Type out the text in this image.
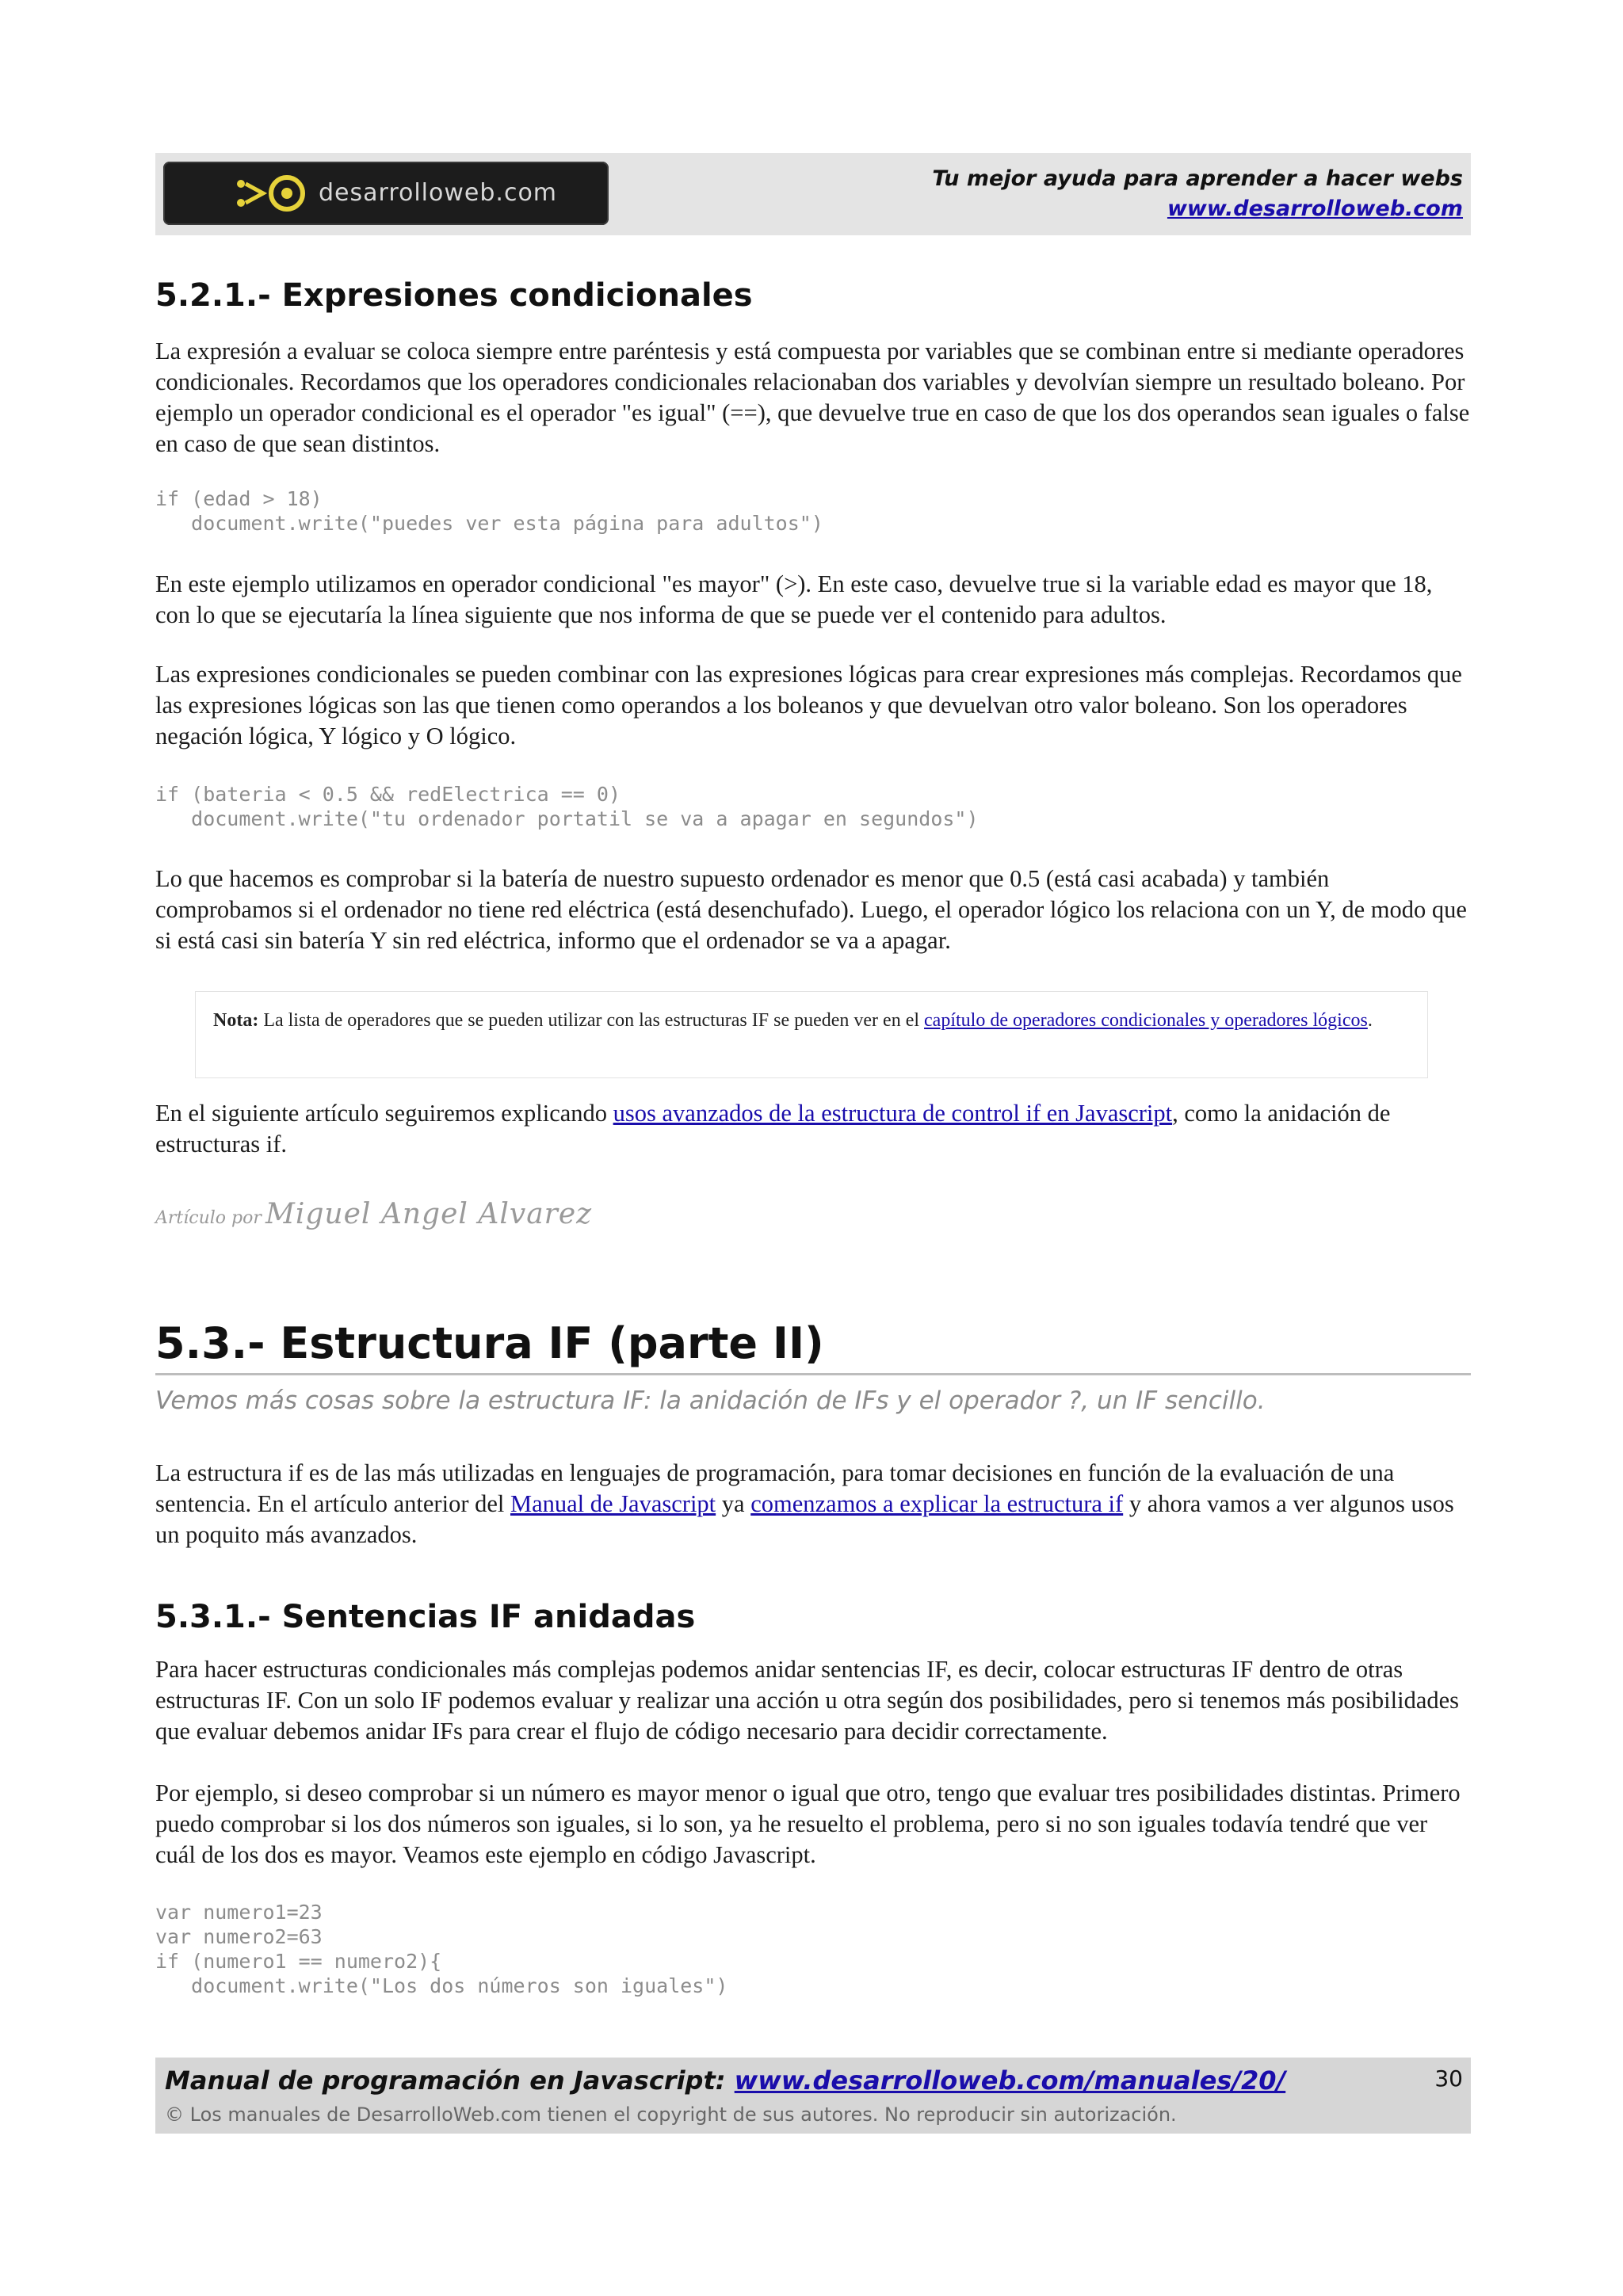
desarrolloweb.com
Tu mejor ayuda para aprender a hacer webs
www.desarrolloweb.com
5.2.1.- Expresiones condicionales

La expresión a evaluar se coloca siempre entre paréntesis y está compuesta por variables que se combinan entre si mediante operadores condicionales. Recordamos que los operadores condicionales relacionaban dos variables y devolvían siempre un resultado boleano. Por ejemplo un operador condicional es el operador "es igual" (==), que devuelve true en caso de que los dos operandos sean iguales o false en caso de que sean distintos.

if (edad > 18)
document.write("puedes ver esta página para adultos")

En este ejemplo utilizamos en operador condicional "es mayor" (>). En este caso, devuelve true si la variable edad es mayor que 18, con lo que se ejecutaría la línea siguiente que nos informa de que se puede ver el contenido para adultos.

Las expresiones condicionales se pueden combinar con las expresiones lógicas para crear expresiones más complejas. Recordamos que las expresiones lógicas son las que tienen como operandos a los boleanos y que devuelvan otro valor boleano. Son los operadores negación lógica, Y lógico y O lógico.

if (bateria < 0.5 && redElectrica == 0)
document.write("tu ordenador portatil se va a apagar en segundos")

Lo que hacemos es comprobar si la batería de nuestro supuesto ordenador es menor que 0.5 (está casi acabada) y también comprobamos si el ordenador no tiene red eléctrica (está desenchufado). Luego, el operador lógico los relaciona con un Y, de modo que si está casi sin batería Y sin red eléctrica, informo que el ordenador se va a apagar.

Nota: La lista de operadores que se pueden utilizar con las estructuras IF se pueden ver en el capítulo de operadores condicionales y operadores lógicos.

En el siguiente artículo seguiremos explicando usos avanzados de la estructura de control if en Javascript, como la anidación de estructuras if.

Artículo por Miguel Angel Alvarez
5.3.- Estructura IF (parte II)

Vemos más cosas sobre la estructura IF: la anidación de IFs y el operador ?, un IF sencillo.

La estructura if es de las más utilizadas en lenguajes de programación, para tomar decisiones en función de la evaluación de una sentencia. En el artículo anterior del Manual de Javascript ya comenzamos a explicar la estructura if y ahora vamos a ver algunos usos un poquito más avanzados.

5.3.1.- Sentencias IF anidadas

Para hacer estructuras condicionales más complejas podemos anidar sentencias IF, es decir, colocar estructuras IF dentro de otras estructuras IF. Con un solo IF podemos evaluar y realizar una acción u otra según dos posibilidades, pero si tenemos más posibilidades que evaluar debemos anidar IFs para crear el flujo de código necesario para decidir correctamente.

Por ejemplo, si deseo comprobar si un número es mayor menor o igual que otro, tengo que evaluar tres posibilidades distintas. Primero puedo comprobar si los dos números son iguales, si lo son, ya he resuelto el problema, pero si no son iguales todavía tendré que ver cuál de los dos es mayor. Veamos este ejemplo en código Javascript.

var numero1=23
var numero2=63
if (numero1 == numero2){
document.write("Los dos números son iguales")
Manual de programación en Javascript: www.desarrolloweb.com/manuales/20/
© Los manuales de DesarrolloWeb.com tienen el copyright de sus autores. No reproducir sin autorización.
30
